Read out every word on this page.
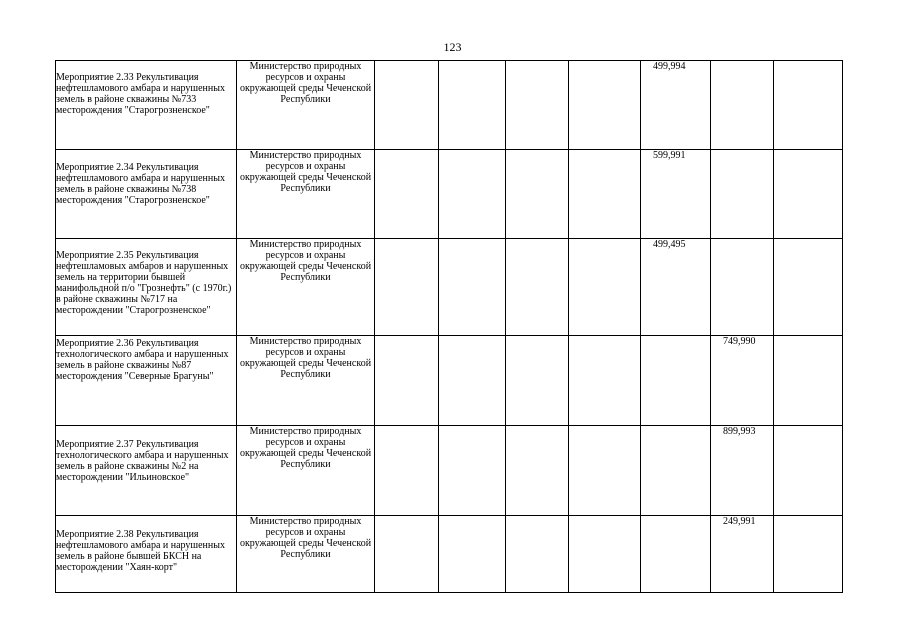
123
Мероприятие 2.33 Рекультивация нефтешламового амбара и нарушенных земель в районе скважины №733 месторождения "Старогрозненское"	Министерство природных ресурсов и охраны окружающей среды Чеченской Республики					499,994		

Мероприятие 2.34 Рекультивация нефтешламового амбара и нарушенных земель в районе скважины №738 месторождения "Старогрозненское"	Министерство природных ресурсов и охраны окружающей среды Чеченской Республики					599,991		

Мероприятие 2.35 Рекультивация нефтешламовых амбаров и нарушенных земель на территории бывшей манифольдной п/о "Грознефть" (с 1970г.) в районе скважины №717 на месторождении "Старогрозненское"	Министерство природных ресурсов и охраны окружающей среды Чеченской Республики					499,495		

Мероприятие 2.36 Рекультивация технологического амбара и нарушенных земель в районе скважины №87 месторождения "Северные Брагуны"	Министерство природных ресурсов и охраны окружающей среды Чеченской Республики						749,990	

Мероприятие 2.37 Рекультивация технологического амбара и нарушенных земель в районе скважины №2 на месторождении "Ильиновское"	Министерство природных ресурсов и охраны окружающей среды Чеченской Республики						899,993	

Мероприятие 2.38 Рекультивация нефтешламового амбара и нарушенных земель в районе бывшей БКСН на месторождении "Хаян-корт"	Министерство природных ресурсов и охраны окружающей среды Чеченской Республики						249,991	
